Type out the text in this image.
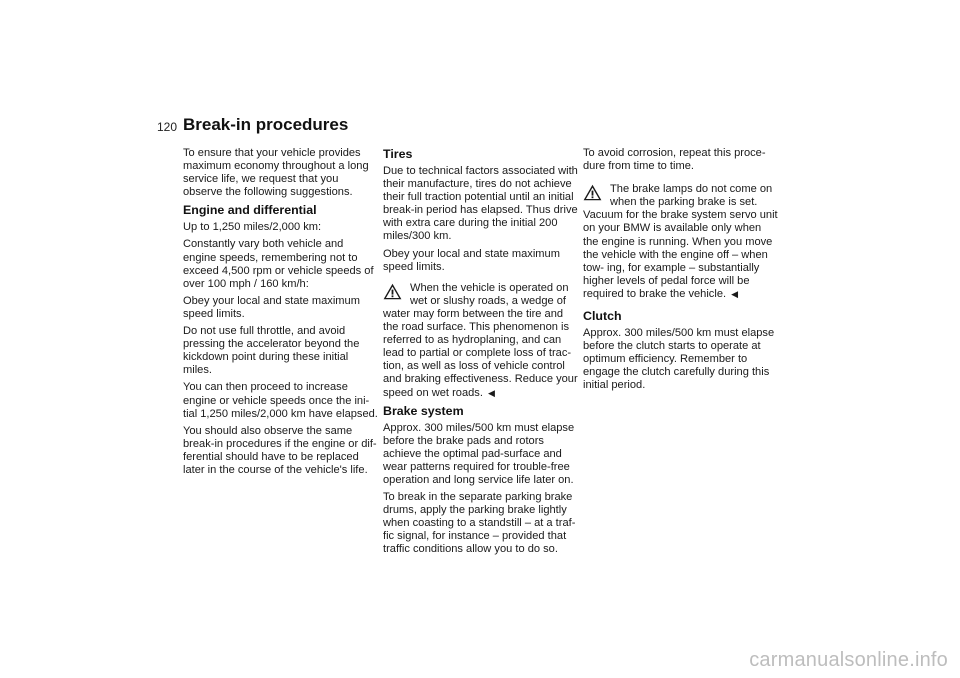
120 Break-in procedures

To ensure that your vehicle provides maximum economy throughout a long service life, we request that you observe the following suggestions.

Engine and differential

Up to 1,250 miles/2,000 km:

Constantly vary both vehicle and engine speeds, remembering not to exceed 4,500 rpm or vehicle speeds of over 100 mph / 160 km/h:

Obey your local and state maximum speed limits.

Do not use full throttle, and avoid pressing the accelerator beyond the kickdown point during these initial miles.

You can then proceed to increase engine or vehicle speeds once the ini- tial 1,250 miles/2,000 km have elapsed.

You should also observe the same break-in procedures if the engine or dif- ferential should have to be replaced later in the course of the vehicle's life.

Tires

Due to technical factors associated with their manufacture, tires do not achieve their full traction potential until an initial break-in period has elapsed. Thus drive with extra care during the initial 200 miles/300 km.

Obey your local and state maximum speed limits.

When the vehicle is operated on wet or slushy roads, a wedge of water may form between the tire and the road surface. This phenomenon is referred to as hydroplaning, and can lead to partial or complete loss of trac- tion, as well as loss of vehicle control and braking effectiveness. Reduce your speed on wet roads. ◀

Brake system

Approx. 300 miles/500 km must elapse before the brake pads and rotors achieve the optimal pad-surface and wear patterns required for trouble-free operation and long service life later on.

To break in the separate parking brake drums, apply the parking brake lightly when coasting to a standstill – at a traf- fic signal, for instance – provided that traffic conditions allow you to do so.

To avoid corrosion, repeat this proce- dure from time to time.

The brake lamps do not come on when the parking brake is set. Vacuum for the brake system servo unit on your BMW is available only when the engine is running. When you move the vehicle with the engine off – when tow- ing, for example – substantially higher levels of pedal force will be required to brake the vehicle. ◀

Clutch

Approx. 300 miles/500 km must elapse before the clutch starts to operate at optimum efficiency. Remember to engage the clutch carefully during this initial period.

carmanualsonline.info
